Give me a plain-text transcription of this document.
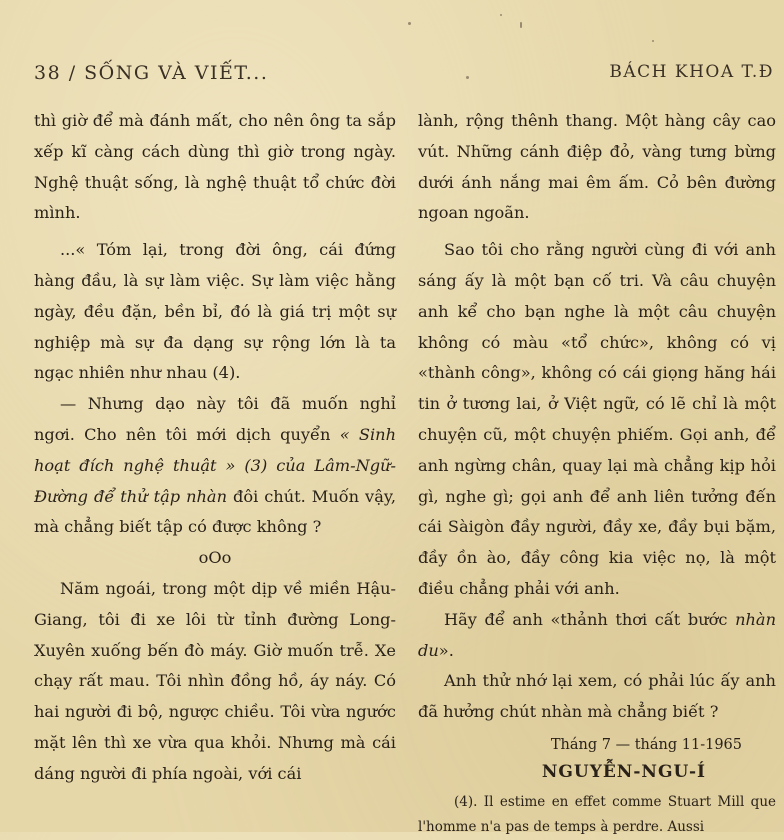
38 / SỐNG VÀ VIẾT...	BÁCH KHOA T.Đ

thì giờ để mà đánh mất, cho nên ông ta sắp xếp kĩ càng cách dùng thì giờ trong ngày. Nghệ thuật sống, là nghệ thuật tổ chức đời mình.

...« Tóm lại, trong đời ông, cái đứng hàng đầu, là sự làm việc. Sự làm việc hằng ngày, đều đặn, bền bỉ, đó là giá trị một sự nghiệp mà sự đa dạng sự rộng lớn là ta ngạc nhiên như nhau (4).

— Nhưng dạo này tôi đã muốn nghỉ ngơi. Cho nên tôi mới dịch quyển « Sinh hoạt đích nghệ thuật » (3) của Lâm-Ngữ-Đường để thử tập nhàn đôi chút. Muốn vậy, mà chẳng biết tập có được không ?

oOo

Năm ngoái, trong một dịp về miền Hậu-Giang, tôi đi xe lôi từ tỉnh đường Long-Xuyên xuống bến đò máy. Giờ muốn trễ. Xe chạy rất mau. Tôi nhìn đồng hồ, áy náy. Có hai người đi bộ, ngược chiều. Tôi vừa ngước mặt lên thì xe vừa qua khỏi. Nhưng mà cái dáng người đi phía ngoài, với cái

lành, rộng thênh thang. Một hàng cây cao vút. Những cánh điệp đỏ, vàng tưng bừng dưới ánh nắng mai êm ấm. Cỏ bên đường ngoan ngoãn.

Sao tôi cho rằng người cùng đi với anh sáng ấy là một bạn cố tri. Và câu chuyện anh kể cho bạn nghe là một câu chuyện không có màu «tổ chức», không có vị «thành công», không có cái giọng hăng hái tin ở tương lai, ở Việt ngữ, có lẽ chỉ là một chuyện cũ, một chuyện phiếm. Gọi anh, để anh ngừng chân, quay lại mà chẳng kịp hỏi gì, nghe gì; gọi anh để anh liên tưởng đến cái Sàigòn đầy người, đầy xe, đầy bụi bặm, đầy ồn ào, đầy công kia việc nọ, là một điều chẳng phải với anh.

Hãy để anh «thảnh thơi cất bước nhàn du».

Anh thử nhớ lại xem, có phải lúc ấy anh đã hưởng chút nhàn mà chẳng biết ?

Tháng 7 — tháng 11-1965

NGUYỄN-NGU-Í

(4). Il estime en effet comme Stuart Mill que l'homme n'a pas de temps à perdre. Aussi
